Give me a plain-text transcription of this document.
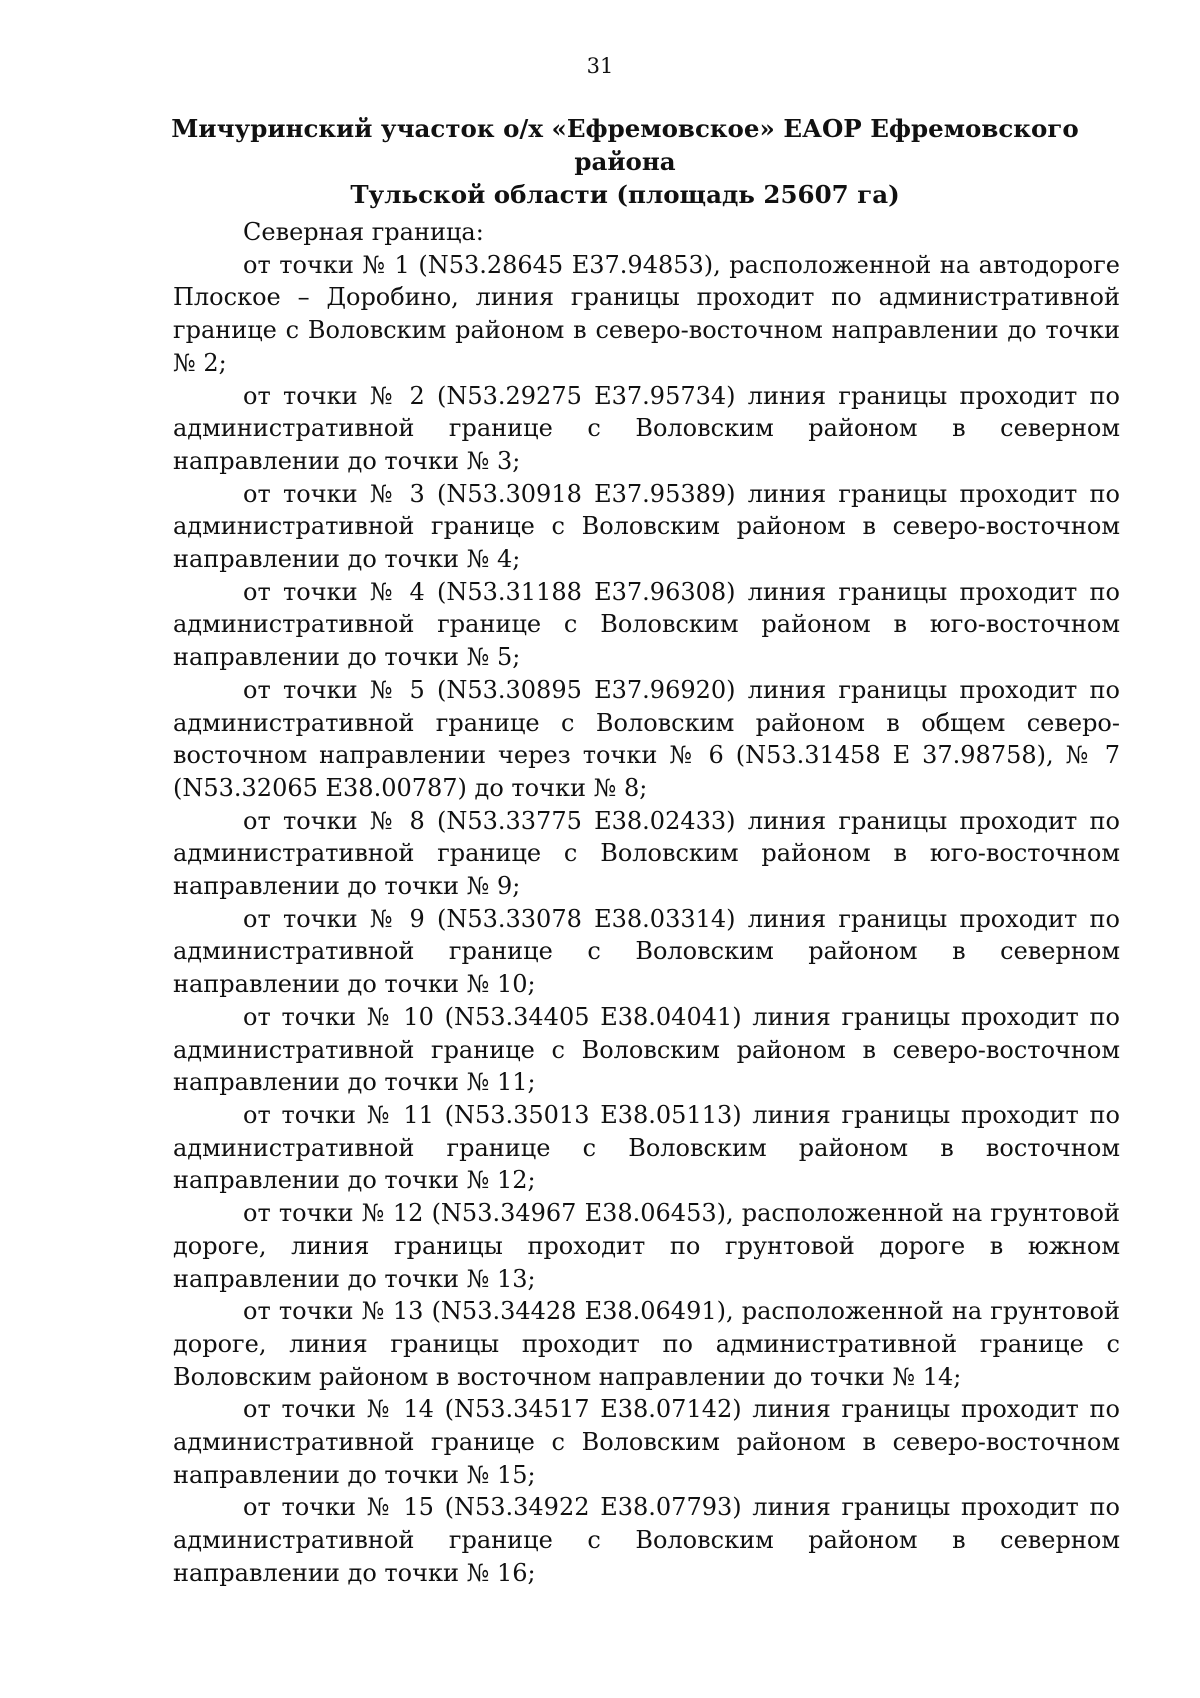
31
Мичуринский участок о/х «Ефремовское» ЕАОР Ефремовского района
Тульской области (площадь 25607 га)

Северная граница:

от точки № 1 (N53.28645 E37.94853), расположенной на автодороге Плоское – Доробино, линия границы проходит по административной границе с Воловским районом в северо-восточном направлении до точки № 2;

от точки № 2 (N53.29275 E37.95734) линия границы проходит по административной границе с Воловским районом в северном направлении до точки № 3;

от точки № 3 (N53.30918 E37.95389) линия границы проходит по административной границе с Воловским районом в северо-восточном направлении до точки № 4;

от точки № 4 (N53.31188 E37.96308) линия границы проходит по административной границе с Воловским районом в юго-восточном направлении до точки № 5;

от точки № 5 (N53.30895 E37.96920) линия границы проходит по административной границе с Воловским районом в общем северо-восточном направлении через точки № 6 (N53.31458 E 37.98758), № 7 (N53.32065 E38.00787) до точки № 8;

от точки № 8 (N53.33775 E38.02433) линия границы проходит по административной границе с Воловским районом в юго-восточном направлении до точки № 9;

от точки № 9 (N53.33078 E38.03314) линия границы проходит по административной границе с Воловским районом в северном направлении до точки № 10;

от точки № 10 (N53.34405 E38.04041) линия границы проходит по административной границе с Воловским районом в северо-восточном направлении до точки № 11;

от точки № 11 (N53.35013 E38.05113) линия границы проходит по административной границе с Воловским районом в восточном направлении до точки № 12;

от точки № 12 (N53.34967 E38.06453), расположенной на грунтовой дороге, линия границы проходит по грунтовой дороге в южном направлении до точки № 13;

от точки № 13 (N53.34428 E38.06491), расположенной на грунтовой дороге, линия границы проходит по административной границе с Воловским районом в восточном направлении до точки № 14;

от точки № 14 (N53.34517 E38.07142) линия границы проходит по административной границе с Воловским районом в северо-восточном направлении до точки № 15;

от точки № 15 (N53.34922 E38.07793) линия границы проходит по административной границе с Воловским районом в северном направлении до точки № 16;
